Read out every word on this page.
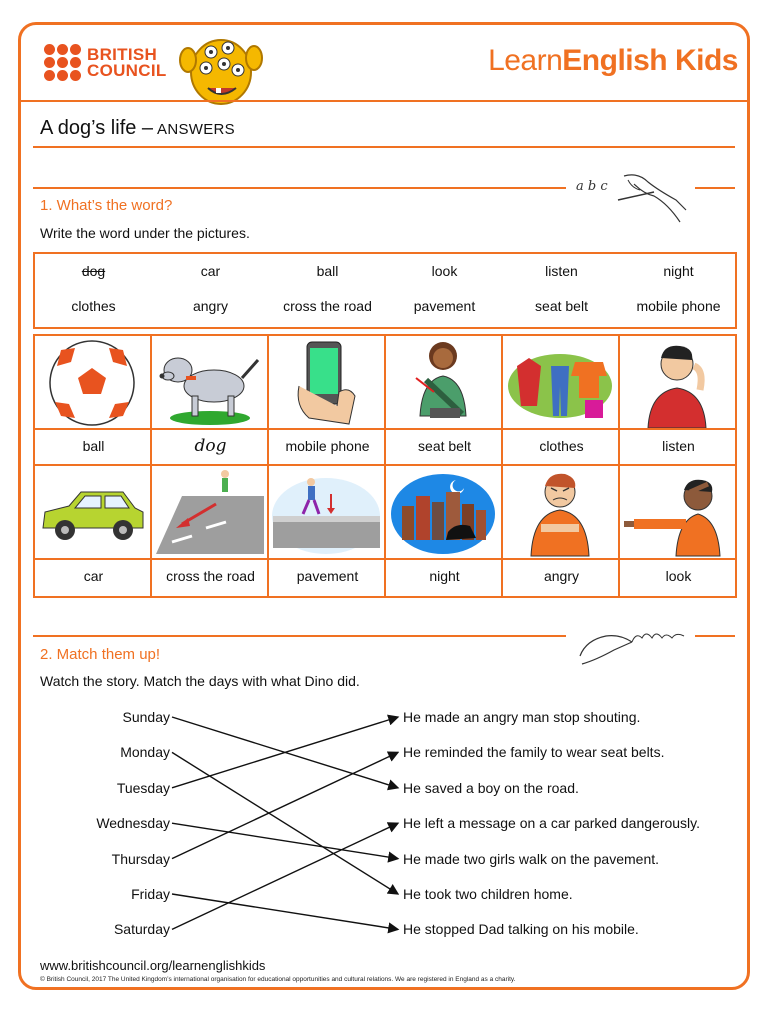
BRITISH
COUNCIL	LearnEnglish Kids
A dog’s life – ANSWERS
a b c
1. What’s the word?
Write the word under the pictures.
dog	car	ball	look	listen	night
clothes	angry	cross the road	pavement	seat belt	mobile phone
ball	dog	mobile phone	seat belt	clothes	listen
car	cross the road	pavement	night	angry	look
2. Match them up!
Watch the story. Match the days with what Dino did.
Sunday
Monday
Tuesday
Wednesday
Thursday
Friday
Saturday
He made an angry man stop shouting.
He reminded the family to wear seat belts.
He saved a boy on the road.
He left a message on a car parked dangerously.
He made two girls walk on the pavement.
He took two children home.
He stopped Dad talking on his mobile.
www.britishcouncil.org/learnenglishkids
© British Council, 2017 The United Kingdom’s international organisation for educational opportunities and cultural relations. We are registered in England as a charity.
